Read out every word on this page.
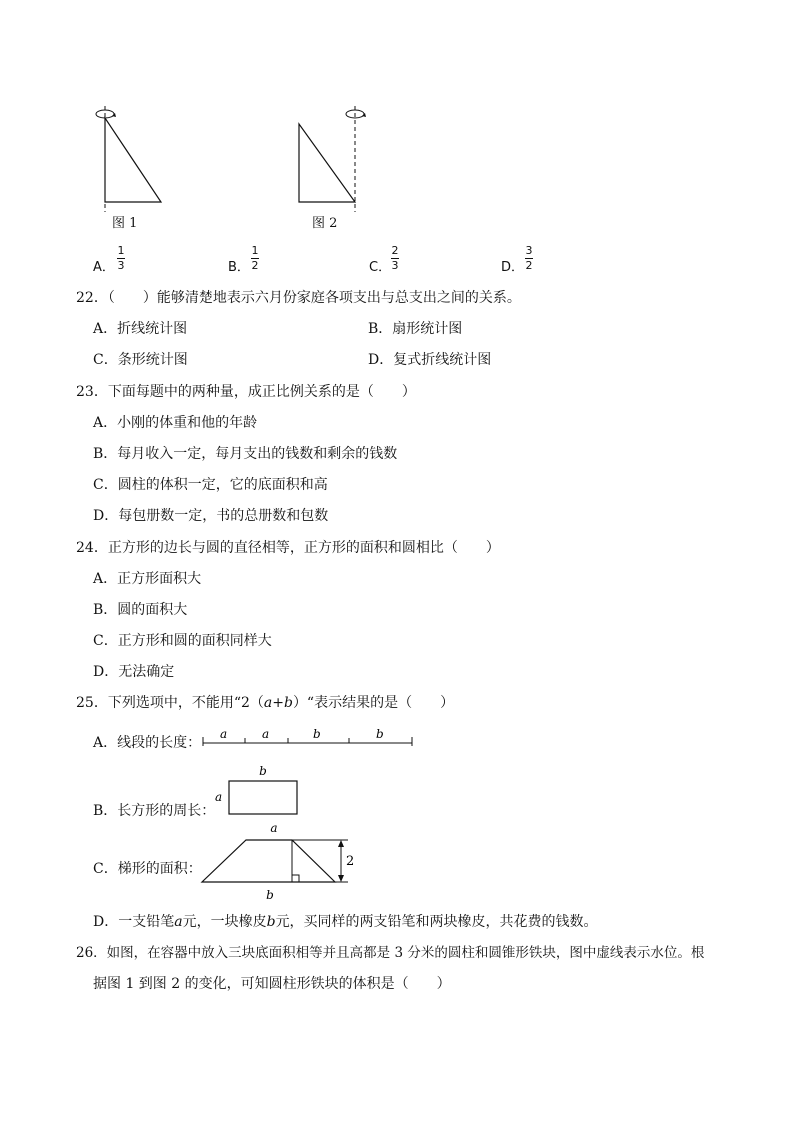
图 1	图 2
A．
1
3	B．
1
2	C．
2
3	D．
3
2
22．（　　）能够清楚地表示六月份家庭各项支出与总支出之间的关系。
A．折线统计图	B．扇形统计图
C．条形统计图	D．复式折线统计图
23．下面每题中的两种量，成正比例关系的是（　　）
A．小刚的体重和他的年龄
B．每月收入一定，每月支出的钱数和剩余的钱数
C．圆柱的体积一定，它的底面积和高
D．每包册数一定，书的总册数和包数
24．正方形的边长与圆的直径相等，正方形的面积和圆相比（　　）
A．正方形面积大
B．圆的面积大
C．正方形和圆的面积同样大
D．无法确定
25．下列选项中，不能用“2（a+b）“表示结果的是（　　）
A．线段的长度：
a	a	b	b
B．长方形的周长：
b
a
C．梯形的面积：
a
2
b
D．一支铅笔a元，一块橡皮b元，买同样的两支铅笔和两块橡皮，共花费的钱数。
26．如图，在容器中放入三块底面积相等并且高都是 3 分米的圆柱和圆锥形铁块，图中虚线表示水位。根
据图 1 到图 2 的变化，可知圆柱形铁块的体积是（　　）
